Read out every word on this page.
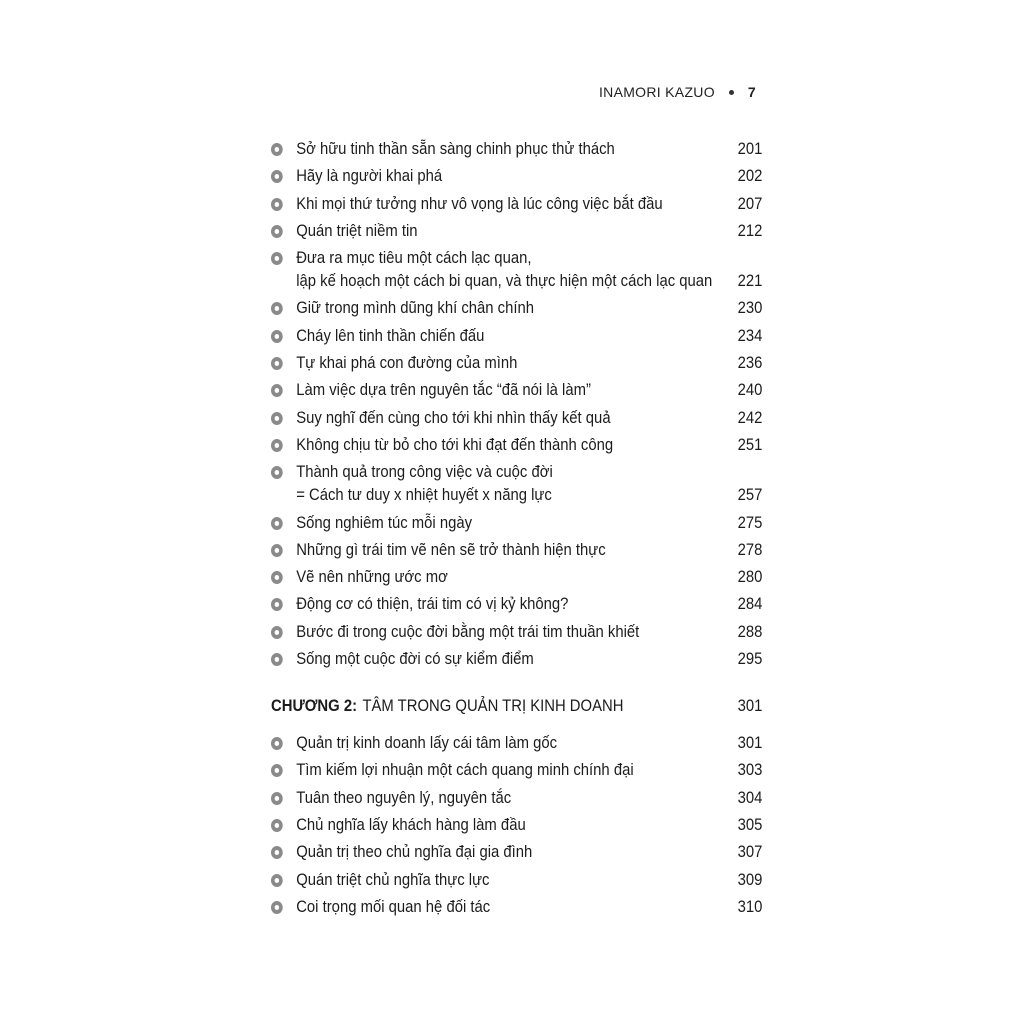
INAMORI KAZUO 7
Sở hữu tinh thần sẵn sàng chinh phục thử thách	201
Hãy là người khai phá	202
Khi mọi thứ tưởng như vô vọng là lúc công việc bắt đầu	207
Quán triệt niềm tin	212
Đưa ra mục tiêu một cách lạc quan,
lập kế hoạch một cách bi quan, và thực hiện một cách lạc quan	221
Giữ trong mình dũng khí chân chính	230
Cháy lên tinh thần chiến đấu	234
Tự khai phá con đường của mình	236
Làm việc dựa trên nguyên tắc “đã nói là làm”	240
Suy nghĩ đến cùng cho tới khi nhìn thấy kết quả	242
Không chịu từ bỏ cho tới khi đạt đến thành công	251
Thành quả trong công việc và cuộc đời
= Cách tư duy x nhiệt huyết x năng lực	257
Sống nghiêm túc mỗi ngày	275
Những gì trái tim vẽ nên sẽ trở thành hiện thực	278
Vẽ nên những ước mơ	280
Động cơ có thiện, trái tim có vị kỷ không?	284
Bước đi trong cuộc đời bằng một trái tim thuần khiết	288
Sống một cuộc đời có sự kiểm điểm	295
CHƯƠNG 2: TÂM TRONG QUẢN TRỊ KINH DOANH	301
Quản trị kinh doanh lấy cái tâm làm gốc	301
Tìm kiếm lợi nhuận một cách quang minh chính đại	303
Tuân theo nguyên lý, nguyên tắc	304
Chủ nghĩa lấy khách hàng làm đầu	305
Quản trị theo chủ nghĩa đại gia đình	307
Quán triệt chủ nghĩa thực lực	309
Coi trọng mối quan hệ đối tác	310
